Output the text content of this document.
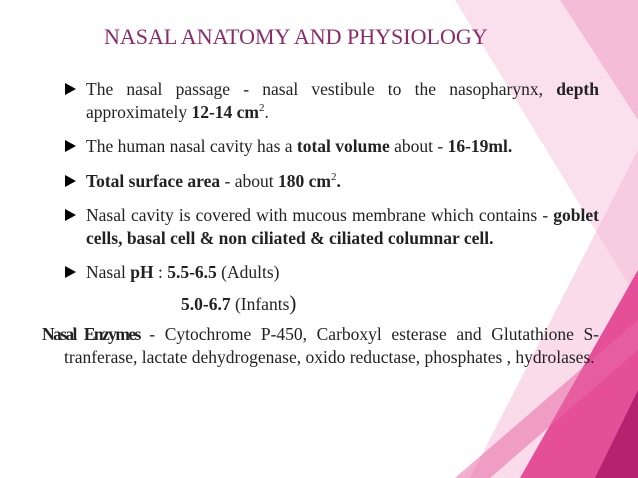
NASAL ANATOMY AND PHYSIOLOGY
The nasal passage - nasal vestibule to the nasopharynx, depth approximately 12-14 $cm^2$.
The human nasal cavity has a total volume about - 16-19ml.
Total surface area - about 180 $cm^2$.
Nasal cavity is covered with mucous membrane which contains - goblet cells, basal cell & non ciliated & ciliated columnar cell.
Nasal pH : 5.5-6.5 (Adults)
5.0-6.7 (Infants)
Nasal Enzymes - Cytochrome P-450, Carboxyl esterase and Glutathione S- tranferase, lactate dehydrogenase, oxido reductase, phosphates , hydrolases.
